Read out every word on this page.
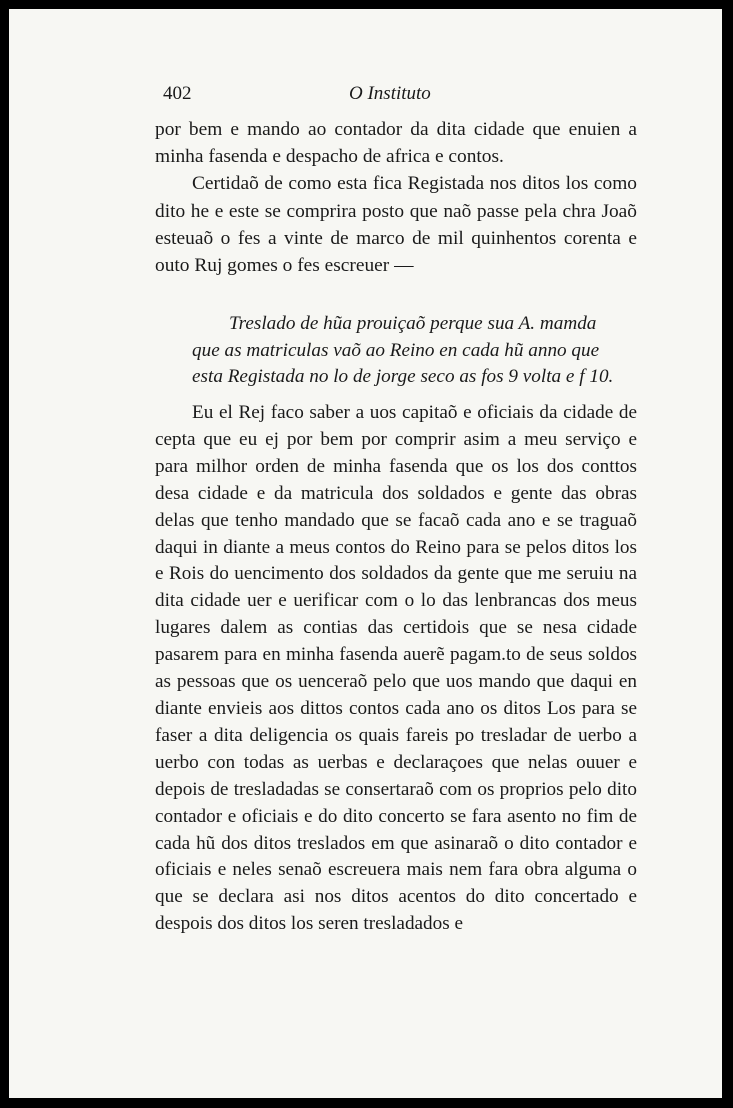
402	O Instituto

por bem e mando ao contador da dita cidade que enuien a minha fasenda e despacho de africa e contos.

Certidaõ de como esta fica Registada nos ditos los como dito he e este se comprira posto que naõ passe pela chra Joaõ esteuaõ o fes a vinte de marco de mil quinhentos corenta e outo Ruj gomes o fes escreuer —

Treslado de hũa prouiçaõ perque sua A. mamda
que as matriculas vaõ ao Reino en cada hũ anno que
esta Registada no lo de jorge seco as fos 9 volta e f 10.

Eu el Rej faco saber a uos capitaõ e oficiais da cidade de cepta que eu ej por bem por comprir asim a meu serviço e para milhor orden de minha fasenda que os los dos conttos desa cidade e da matricula dos soldados e gente das obras delas que tenho mandado que se facaõ cada ano e se traguaõ daqui in diante a meus contos do Reino para se pelos ditos los e Rois do uencimento dos soldados da gente que me seruiu na dita cidade uer e uerificar com o lo das lenbrancas dos meus lugares dalem as contias das certidois que se nesa cidade pasarem para en minha fasenda auerẽ pagam.to de seus soldos as pessoas que os uenceraõ pelo que uos mando que daqui en diante envieis aos dittos contos cada ano os ditos Los para se faser a dita deligencia os quais fareis po tresladar de uerbo a uerbo con todas as uerbas e declaraçoes que nelas ouuer e depois de tresladadas se consertaraõ com os proprios pelo dito contador e oficiais e do dito concerto se fara asento no fim de cada hũ dos ditos treslados em que asinaraõ o dito contador e oficiais e neles senaõ escreuera mais nem fara obra alguma o que se declara asi nos ditos acentos do dito concertado e despois dos ditos los seren tresladados e
